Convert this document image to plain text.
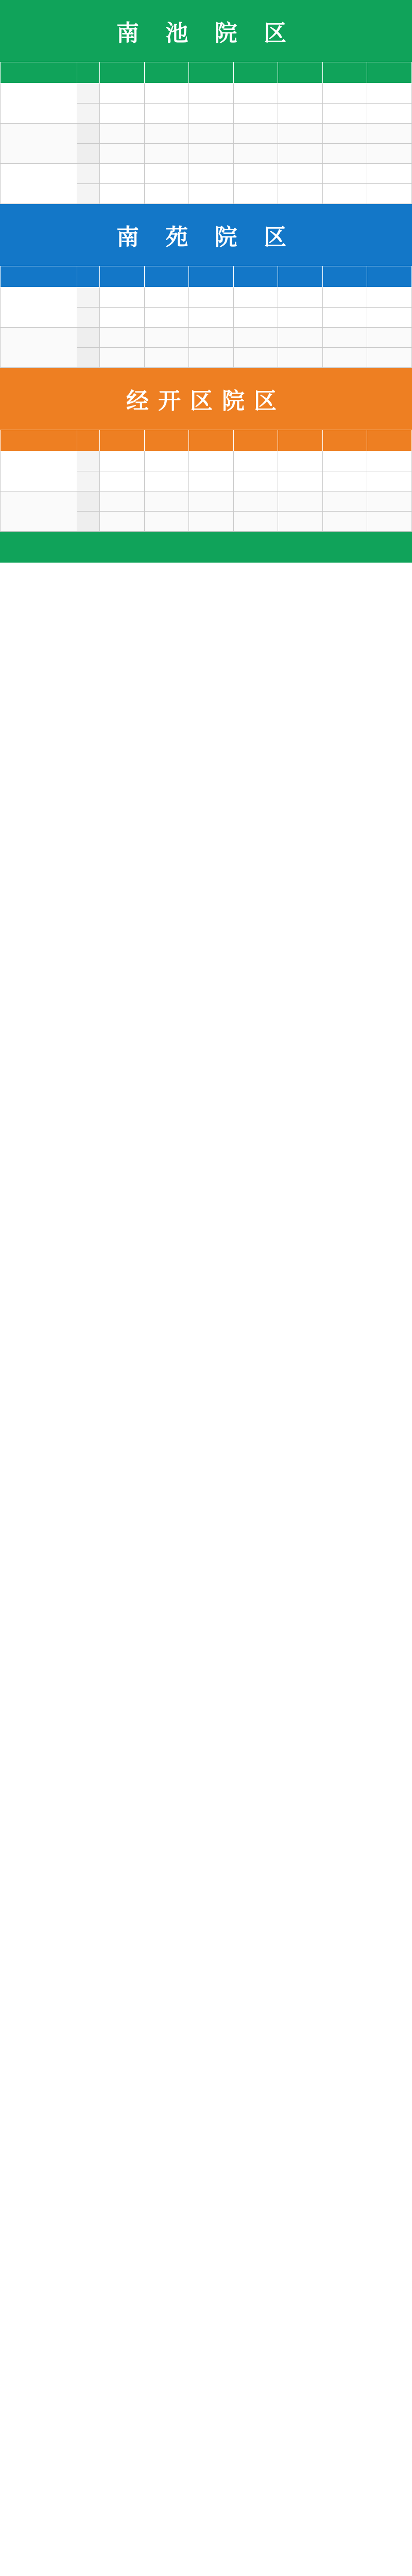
南 池 院 区

南 苑 院 区

经开区院区
